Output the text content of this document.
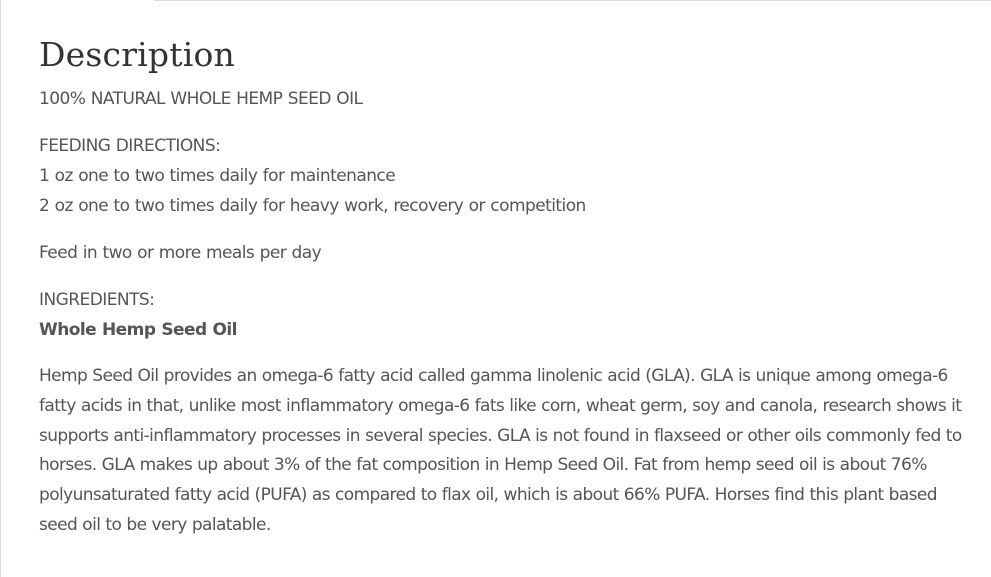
Description

100% NATURAL WHOLE HEMP SEED OIL

FEEDING DIRECTIONS:
1 oz one to two times daily for maintenance
2 oz one to two times daily for heavy work, recovery or competition

Feed in two or more meals per day

INGREDIENTS:
Whole Hemp Seed Oil

Hemp Seed Oil provides an omega-6 fatty acid called gamma linolenic acid (GLA). GLA is unique among omega-6 fatty acids in that, unlike most inflammatory omega-6 fats like corn, wheat germ, soy and canola, research shows it supports anti-inflammatory processes in several species. GLA is not found in flaxseed or other oils commonly fed to horses. GLA makes up about 3% of the fat composition in Hemp Seed Oil. Fat from hemp seed oil is about 76% polyunsaturated fatty acid (PUFA) as compared to flax oil, which is about 66% PUFA. Horses find this plant based seed oil to be very palatable.
